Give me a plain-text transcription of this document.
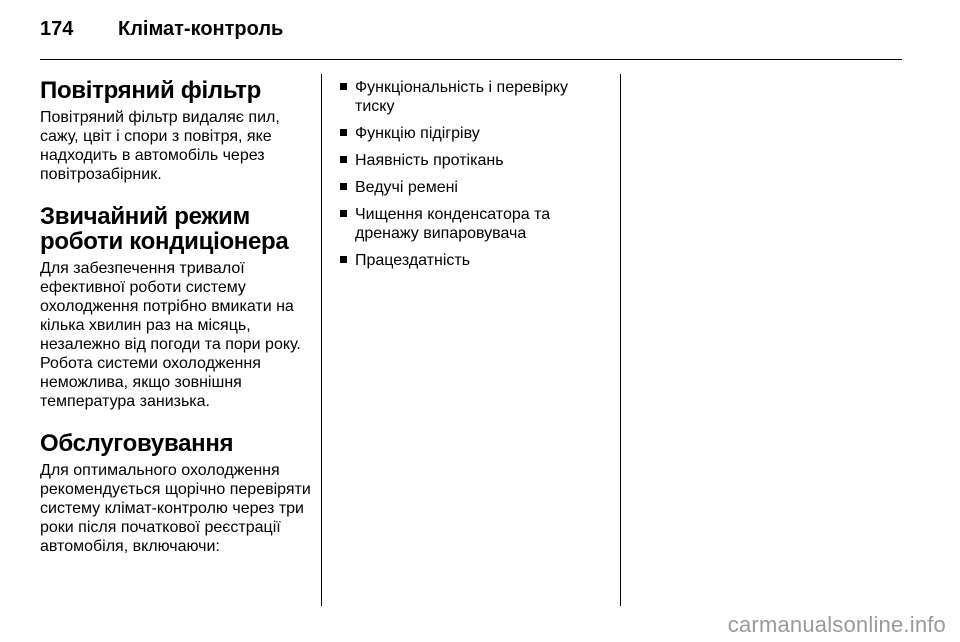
174 Клімат-контроль
Повітряний фільтр

Повітряний фільтр видаляє пил, сажу, цвіт і спори з повітря, яке надходить в автомобіль через повітрозабірник.

Звичайний режим роботи кондиціонера

Для забезпечення тривалої ефективної роботи систему охолодження потрібно вмикати на кілька хвилин раз на місяць, незалежно від погоди та пори року. Робота системи охолодження неможлива, якщо зовнішня температура занизька.

Обслуговування

Для оптимального охолодження рекомендується щорічно перевіряти систему клімат-контролю через три роки після початкової реєстрації автомобіля, включаючи:

Функціональність і перевірку тиску
Функцію підігріву
Наявність протікань
Ведучі ремені
Чищення конденсатора та дренажу випаровувача
Працездатність
carmanualsonline.info
